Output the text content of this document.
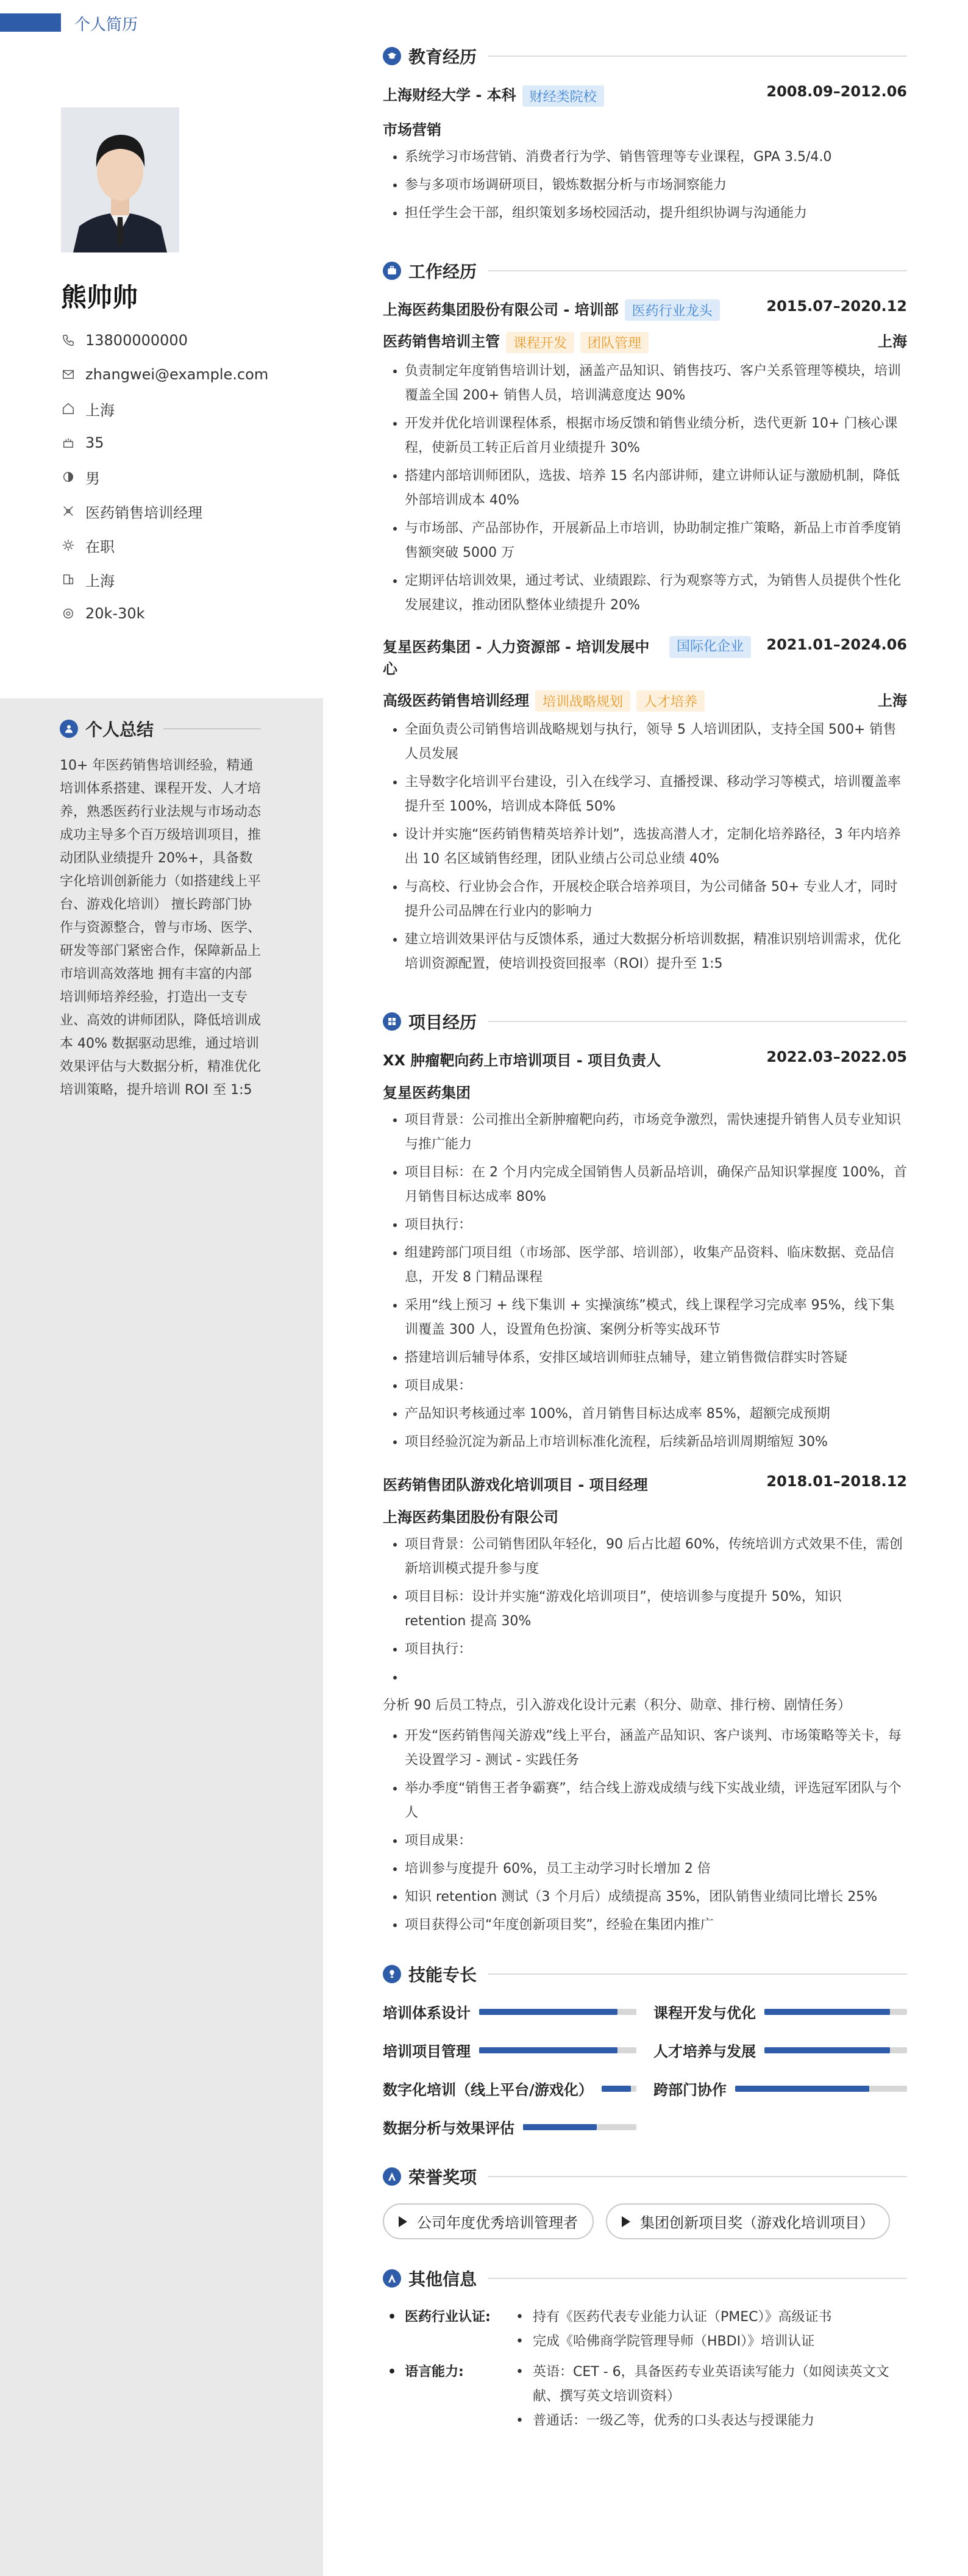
个人简历
熊帅帅
13800000000
zhangwei@example.com
上海
35
男
医药销售培训经理
在职
上海
20k-30k
个人总结
10+ 年医药销售培训经验，精通培训体系搭建、课程开发、人才培养，熟悉医药行业法规与市场动态 成功主导多个百万级培训项目，推动团队业绩提升 20%+，具备数字化培训创新能力（如搭建线上平台、游戏化培训） 擅长跨部门协作与资源整合，曾与市场、医学、研发等部门紧密合作，保障新品上市培训高效落地 拥有丰富的内部培训师培养经验，打造出一支专业、高效的讲师团队，降低培训成本 40% 数据驱动思维，通过培训效果评估与大数据分析，精准优化培训策略，提升培训 ROI 至 1:5
教育经历
上海财经大学 - 本科 财经类院校	2008.09–2012.06
市场营销
• 系统学习市场营销、消费者行为学、销售管理等专业课程，GPA 3.5/4.0
• 参与多项市场调研项目，锻炼数据分析与市场洞察能力
• 担任学生会干部，组织策划多场校园活动，提升组织协调与沟通能力
工作经历
上海医药集团股份有限公司 - 培训部 医药行业龙头	2015.07–2020.12
医药销售培训主管 课程开发 团队管理	上海
• 负责制定年度销售培训计划，涵盖产品知识、销售技巧、客户关系管理等模块，培训覆盖全国 200+ 销售人员，培训满意度达 90%
• 开发并优化培训课程体系，根据市场反馈和销售业绩分析，迭代更新 10+ 门核心课程，使新员工转正后首月业绩提升 30%
• 搭建内部培训师团队，选拔、培养 15 名内部讲师，建立讲师认证与激励机制，降低外部培训成本 40%
• 与市场部、产品部协作，开展新品上市培训，协助制定推广策略，新品上市首季度销售额突破 5000 万
• 定期评估培训效果，通过考试、业绩跟踪、行为观察等方式，为销售人员提供个性化发展建议，推动团队整体业绩提升 20%
复星医药集团 - 人力资源部 - 培训发展中心
国际化企业	2021.01–2024.06
高级医药销售培训经理 培训战略规划 人才培养	上海
• 全面负责公司销售培训战略规划与执行，领导 5 人培训团队，支持全国 500+ 销售人员发展
• 主导数字化培训平台建设，引入在线学习、直播授课、移动学习等模式，培训覆盖率提升至 100%，培训成本降低 50%
• 设计并实施“医药销售精英培养计划”，选拔高潜人才，定制化培养路径，3 年内培养出 10 名区域销售经理，团队业绩占公司总业绩 40%
• 与高校、行业协会合作，开展校企联合培养项目，为公司储备 50+ 专业人才，同时提升公司品牌在行业内的影响力
• 建立培训效果评估与反馈体系，通过大数据分析培训数据，精准识别培训需求，优化培训资源配置，使培训投资回报率（ROI）提升至 1:5
项目经历
XX 肿瘤靶向药上市培训项目 - 项目负责人	2022.03–2022.05
复星医药集团
• 项目背景：公司推出全新肿瘤靶向药，市场竞争激烈，需快速提升销售人员专业知识与推广能力
• 项目目标：在 2 个月内完成全国销售人员新品培训，确保产品知识掌握度 100%，首月销售目标达成率 80%
• 项目执行：
• 组建跨部门项目组（市场部、医学部、培训部），收集产品资料、临床数据、竞品信息，开发 8 门精品课程
• 采用“线上预习 + 线下集训 + 实操演练”模式，线上课程学习完成率 95%，线下集训覆盖 300 人，设置角色扮演、案例分析等实战环节
• 搭建培训后辅导体系，安排区域培训师驻点辅导，建立销售微信群实时答疑
• 项目成果：
• 产品知识考核通过率 100%，首月销售目标达成率 85%，超额完成预期
• 项目经验沉淀为新品上市培训标准化流程，后续新品培训周期缩短 30%
医药销售团队游戏化培训项目 - 项目经理	2018.01–2018.12
上海医药集团股份有限公司
• 项目背景：公司销售团队年轻化，90 后占比超 60%，传统培训方式效果不佳，需创新培训模式提升参与度
• 项目目标：设计并实施“游戏化培训项目”，使培训参与度提升 50%，知识 retention 提高 30%
• 项目执行：
•
分析 90 后员工特点，引入游戏化设计元素（积分、勋章、排行榜、剧情任务）
• 开发“医药销售闯关游戏”线上平台，涵盖产品知识、客户谈判、市场策略等关卡，每关设置学习 - 测试 - 实践任务
• 举办季度“销售王者争霸赛”，结合线上游戏成绩与线下实战业绩，评选冠军团队与个人
• 项目成果：
• 培训参与度提升 60%，员工主动学习时长增加 2 倍
• 知识 retention 测试（3 个月后）成绩提高 35%，团队销售业绩同比增长 25%
• 项目获得公司“年度创新项目奖”，经验在集团内推广
技能专长
培训体系设计	课程开发与优化
培训项目管理	人才培养与发展
数字化培训（线上平台/游戏化）	跨部门协作
数据分析与效果评估
荣誉奖项
公司年度优秀培训管理者	集团创新项目奖（游戏化培训项目）
其他信息
• 医药行业认证:	• 持有《医药代表专业能力认证（PMEC）》高级证书
• 完成《哈佛商学院管理导师（HBDI）》培训认证
• 语言能力:	• 英语：CET - 6，具备医药专业英语读写能力（如阅读英文文献、撰写英文培训资料）
• 普通话：一级乙等，优秀的口头表达与授课能力
